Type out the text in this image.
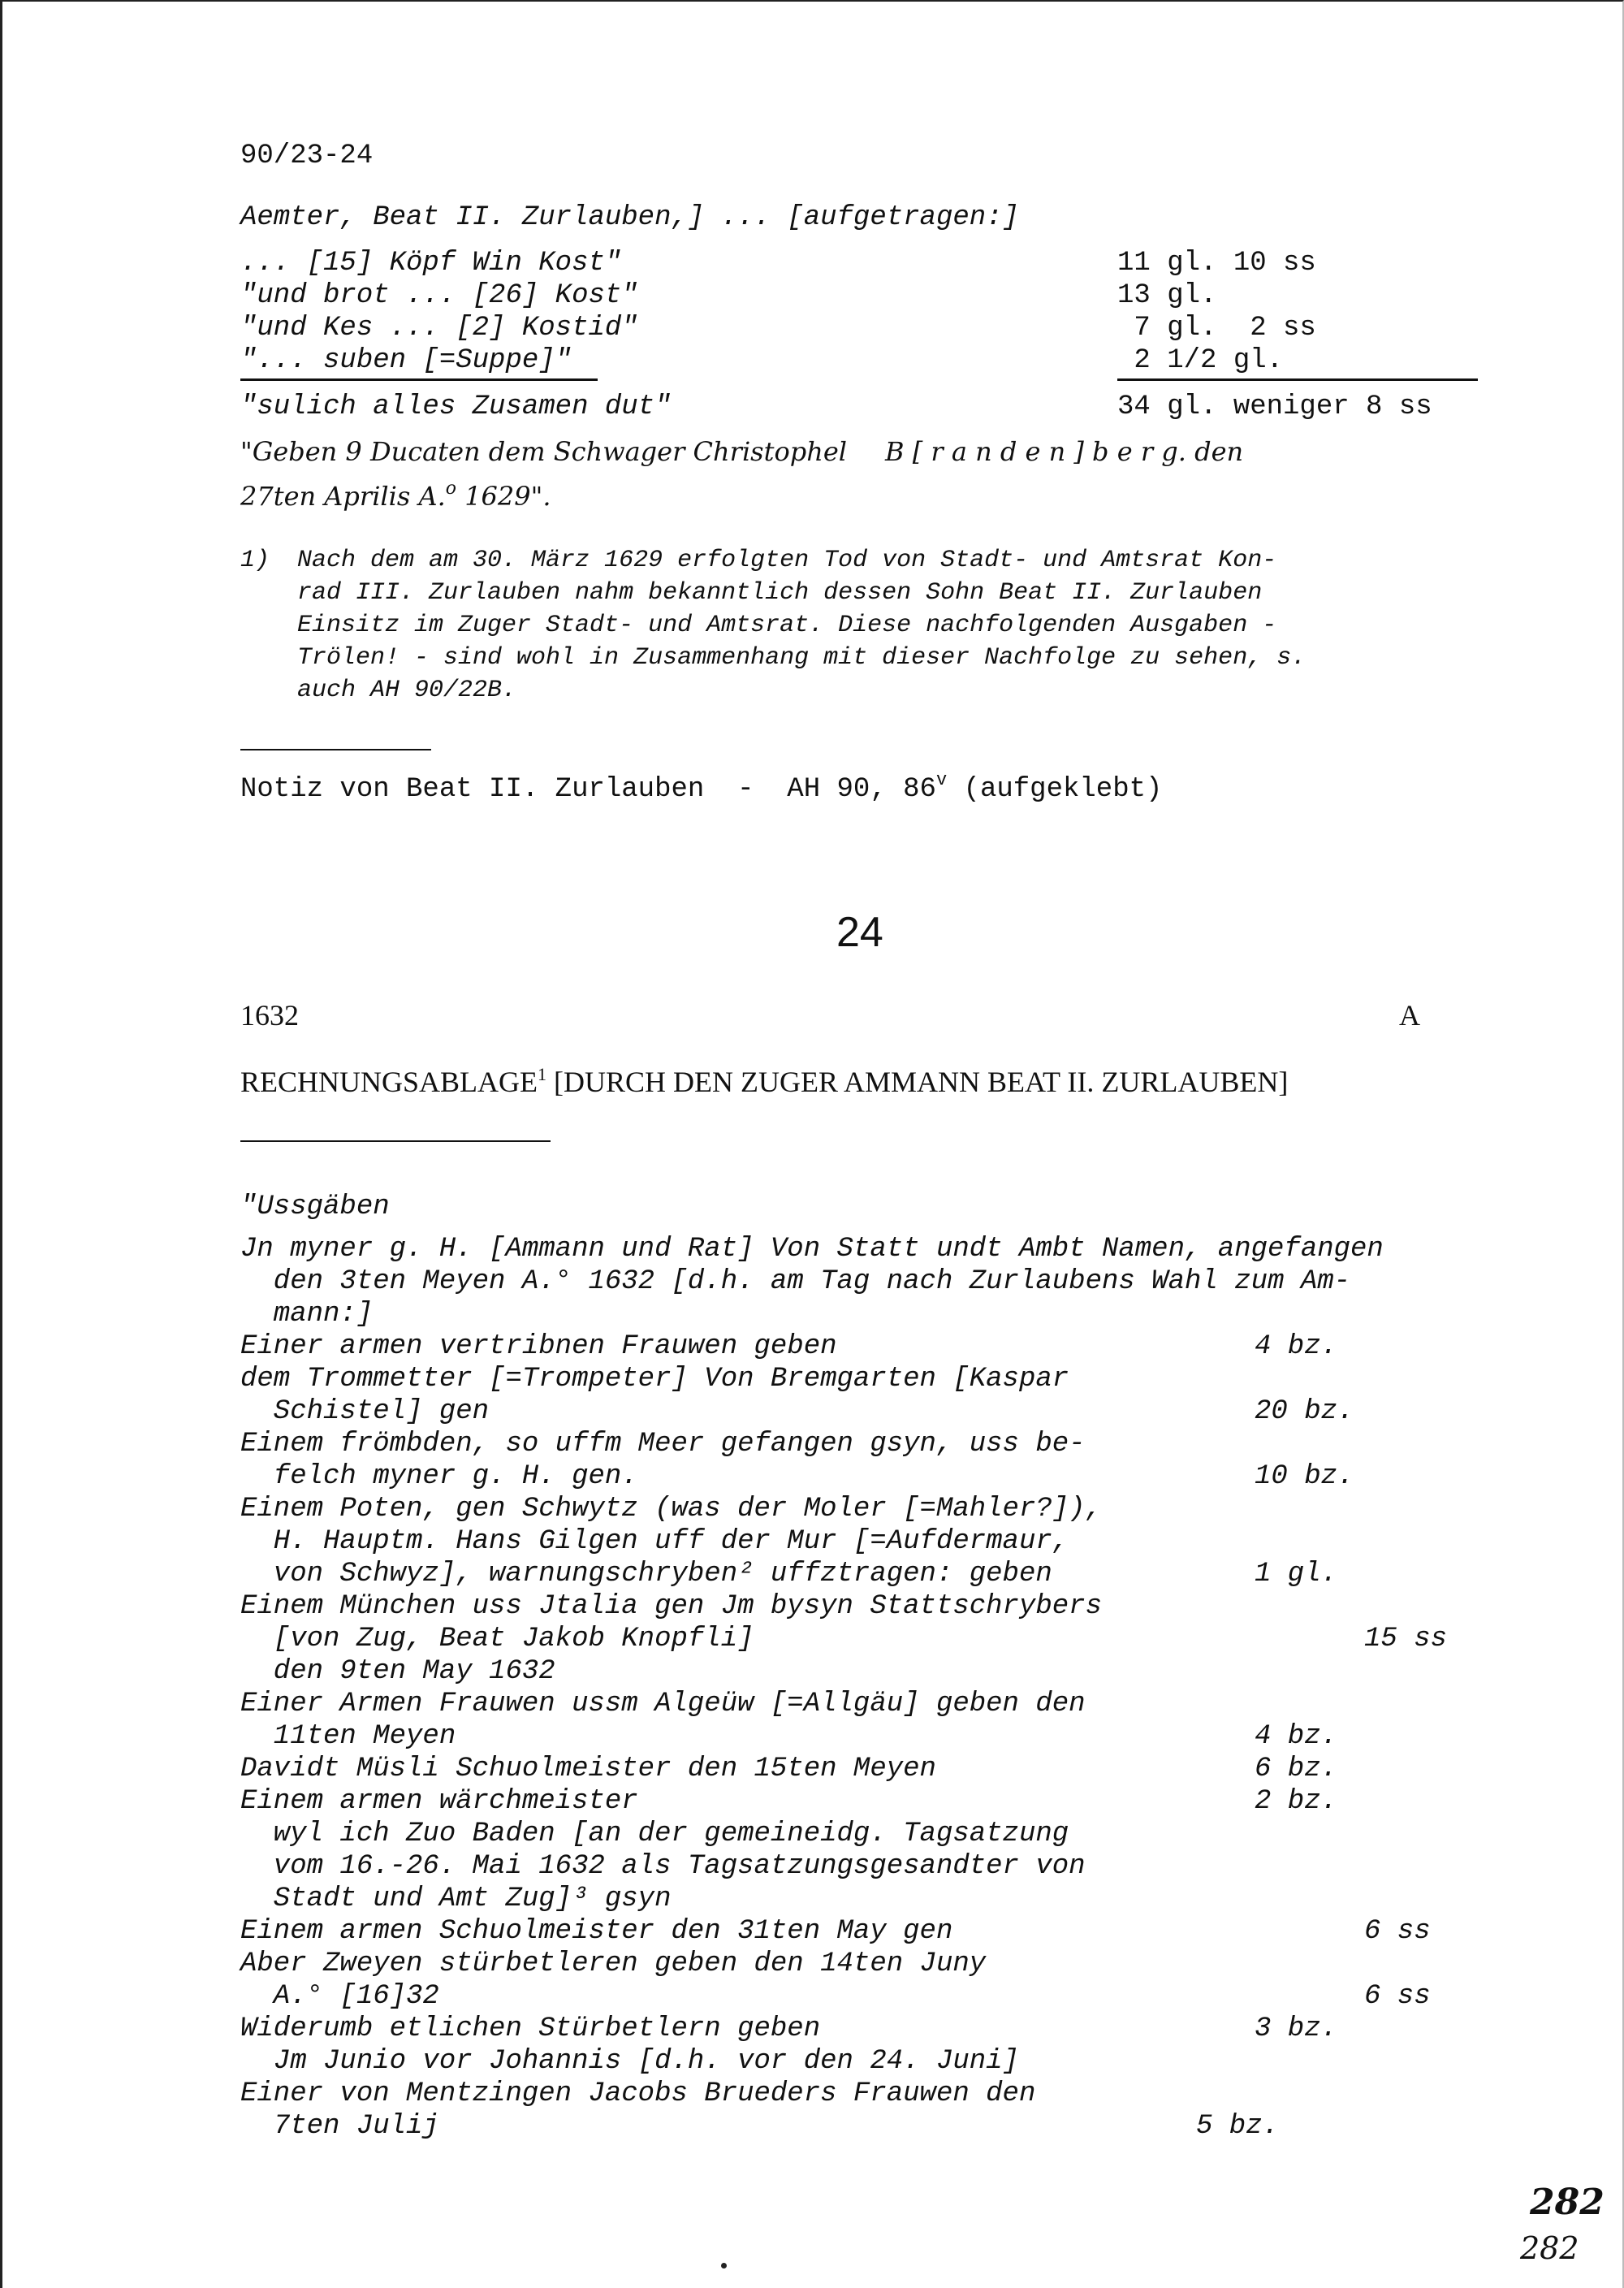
90/23-24
Aemter, Beat II. Zurlauben,] ... [aufgetragen:]
... [15] Köpf Win Kost"	11 gl. 10 ss
"und brot ... [26] Kost"	13 gl.
"und Kes ... [2] Kostid"	7 gl.  2 ss
"... suben [=Suppe]"	2 1/2 gl.
"sulich alles Zusamen dut"	34 gl. weniger 8 ss
"Geben 9 Ducaten dem Schwager Christophel B [ r a n d e n ] b e r g. den
27ten Aprilis A.$^o$ 1629".
1) Nach dem am 30. März 1629 erfolgten Tod von Stadt- und Amtsrat Kon-
rad III. Zurlauben nahm bekanntlich dessen Sohn Beat II. Zurlauben
Einsitz im Zuger Stadt- und Amtsrat. Diese nachfolgenden Ausgaben -
Trölen! - sind wohl in Zusammenhang mit dieser Nachfolge zu sehen, s.
auch AH 90/22B.
Notiz von Beat II. Zurlauben  -  AH 90, 86$^v$ (aufgeklebt)
24
1632	A
RECHNUNGSABLAGE$^1$ [DURCH DEN ZUGER AMMANN BEAT II. ZURLAUBEN]
"Ussgäben
Jn myner g. H. [Ammann und Rat] Von Statt undt Ambt Namen, angefangen
den 3ten Meyen A.° 1632 [d.h. am Tag nach Zurlaubens Wahl zum Am-
mann:]
Einer armen vertribnen Frauwen geben	4 bz.
dem Trommetter [=Trompeter] Von Bremgarten [Kaspar
Schistel] gen	20 bz.
Einem frömbden, so uffm Meer gefangen gsyn, uss be-
felch myner g. H. gen.	10 bz.
Einem Poten, gen Schwytz (was der Moler [=Mahler?]),
H. Hauptm. Hans Gilgen uff der Mur [=Aufdermaur,
von Schwyz], warnungschryben² uffztragen: geben	1 gl.
Einem München uss Jtalia gen Jm bysyn Stattschrybers
[von Zug, Beat Jakob Knopfli]	15 ss
den 9ten May 1632
Einer Armen Frauwen ussm Algeüw [=Allgäu] geben den
11ten Meyen	4 bz.
Davidt Müsli Schuolmeister den 15ten Meyen	6 bz.
Einem armen wärchmeister	2 bz.
wyl ich Zuo Baden [an der gemeineidg. Tagsatzung
vom 16.-26. Mai 1632 als Tagsatzungsgesandter von
Stadt und Amt Zug]³ gsyn
Einem armen Schuolmeister den 31ten May gen	6 ss
Aber Zweyen stürbetleren geben den 14ten Juny
A.° [16]32	6 ss
Widerumb etlichen Stürbetlern geben	3 bz.
Jm Junio vor Johannis [d.h. vor den 24. Juni]
Einer von Mentzingen Jacobs Brueders Frauwen den
7ten Julij	5 bz.
282
282
